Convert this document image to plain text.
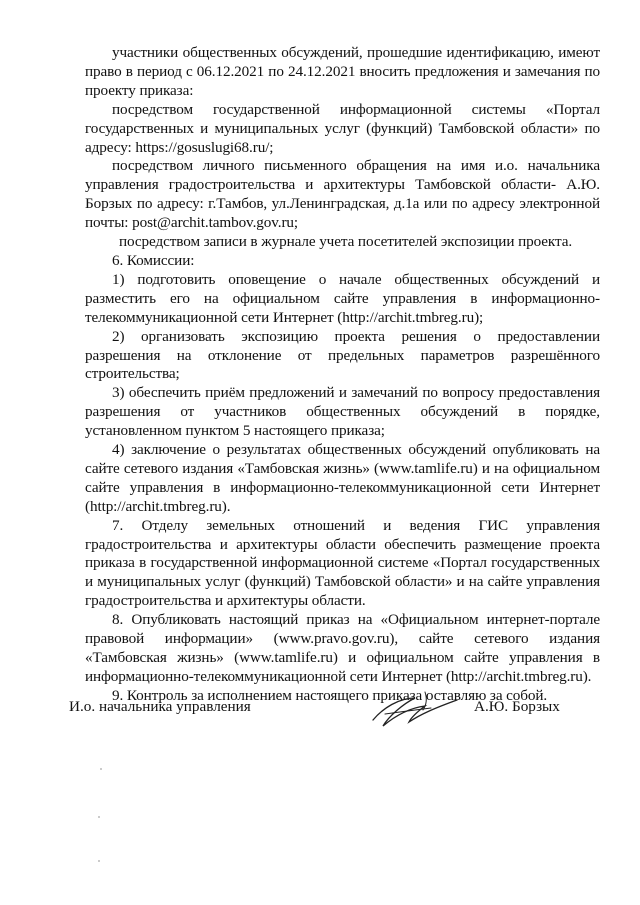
участники общественных обсуждений, прошедшие идентификацию, имеют право в период с 06.12.2021 по 24.12.2021 вносить предложения и замечания по проекту приказа:

посредством государственной информационной системы «Портал государственных и муниципальных услуг (функций) Тамбовской области» по адресу: https://gosuslugi68.ru/;

посредством личного письменного обращения на имя и.о. начальника управления градостроительства и архитектуры Тамбовской области- А.Ю. Борзых по адресу: г.Тамбов, ул.Ленинградская, д.1а или по адресу электронной почты: post@archit.tambov.gov.ru;

посредством записи в журнале учета посетителей экспозиции проекта.

6. Комиссии:

1) подготовить оповещение о начале общественных обсуждений и разместить его на официальном сайте управления в информационно-телекоммуникационной сети Интернет (http://archit.tmbreg.ru);

2) организовать экспозицию проекта решения о предоставлении разрешения на отклонение от предельных параметров разрешённого строительства;

3) обеспечить приём предложений и замечаний по вопросу предоставления разрешения от участников общественных обсуждений в порядке, установленном пунктом 5 настоящего приказа;

4) заключение о результатах общественных обсуждений опубликовать на сайте сетевого издания «Тамбовская жизнь» (www.tamlife.ru) и на официальном сайте управления в информационно-телекоммуникационной сети Интернет (http://archit.tmbreg.ru).

7. Отделу земельных отношений и ведения ГИС управления градостроительства и архитектуры области обеспечить размещение проекта приказа в государственной информационной системе «Портал государственных и муниципальных услуг (функций) Тамбовской области» и на сайте управления градостроительства и архитектуры области.

8. Опубликовать настоящий приказ на «Официальном интернет-портале правовой информации» (www.pravo.gov.ru), сайте сетевого издания «Тамбовская жизнь» (www.tamlife.ru) и официальном сайте управления в информационно-телекоммуникационной сети Интернет (http://archit.tmbreg.ru).

9. Контроль за исполнением настоящего приказа оставляю за собой.

И.о. начальника управления	А.Ю. Борзых
